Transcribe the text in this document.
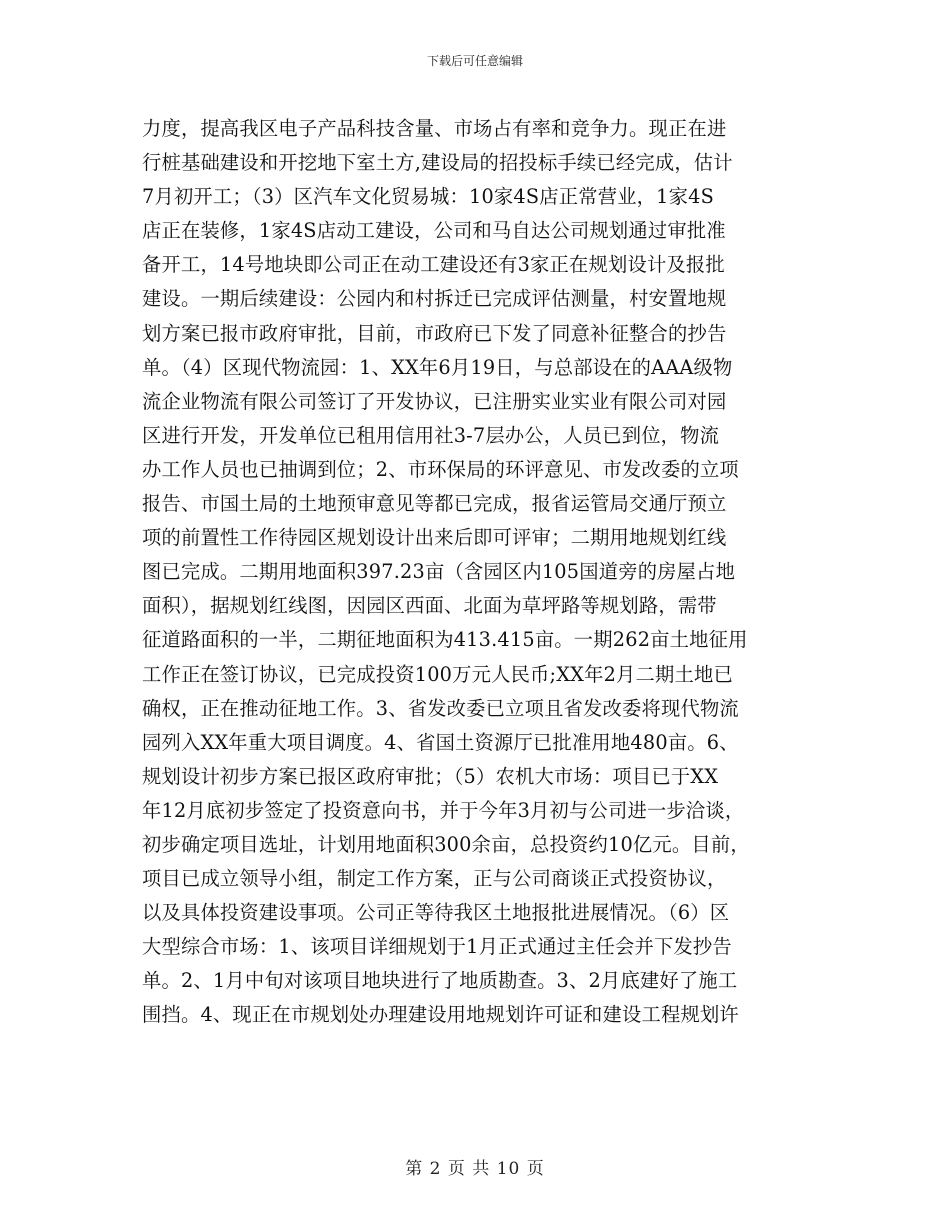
下载后可任意编辑
力度，提高我区电子产品科技含量、市场占有率和竞争力。现正在进
行桩基础建设和开挖地下室土方,建设局的招投标手续已经完成，估计
7月初开工；（3）区汽车文化贸易城：10家4S店正常营业，1家4S
店正在装修，1家4S店动工建设，公司和马自达公司规划通过审批准
备开工，14号地块即公司正在动工建设还有3家正在规划设计及报批
建设。一期后续建设：公园内和村拆迁已完成评估测量，村安置地规
划方案已报市政府审批，目前，市政府已下发了同意补征整合的抄告
单。（4）区现代物流园：1、XX年6月19日，与总部设在的AAA级物
流企业物流有限公司签订了开发协议，已注册实业实业有限公司对园
区进行开发，开发单位已租用信用社3-7层办公，人员已到位，物流
办工作人员也已抽调到位；2、市环保局的环评意见、市发改委的立项
报告、市国土局的土地预审意见等都已完成，报省运管局交通厅预立
项的前置性工作待园区规划设计出来后即可评审；二期用地规划红线
图已完成。二期用地面积397.23亩（含园区内105国道旁的房屋占地
面积），据规划红线图，因园区西面、北面为草坪路等规划路，需带
征道路面积的一半，二期征地面积为413.415亩。一期262亩土地征用
工作正在签订协议，已完成投资100万元人民币;XX年2月二期土地已
确权，正在推动征地工作。3、省发改委已立项且省发改委将现代物流
园列入XX年重大项目调度。4、省国土资源厅已批准用地480亩。6、
规划设计初步方案已报区政府审批；（5）农机大市场：项目已于XX
年12月底初步签定了投资意向书，并于今年3月初与公司进一步洽谈，
初步确定项目选址，计划用地面积300余亩，总投资约10亿元。目前，
项目已成立领导小组，制定工作方案，正与公司商谈正式投资协议，
以及具体投资建设事项。公司正等待我区土地报批进展情况。（6）区
大型综合市场：1、该项目详细规划于1月正式通过主任会并下发抄告
单。2、1月中旬对该项目地块进行了地质勘查。3、2月底建好了施工
围挡。4、现正在市规划处办理建设用地规划许可证和建设工程规划许
第 2 页 共 10 页
